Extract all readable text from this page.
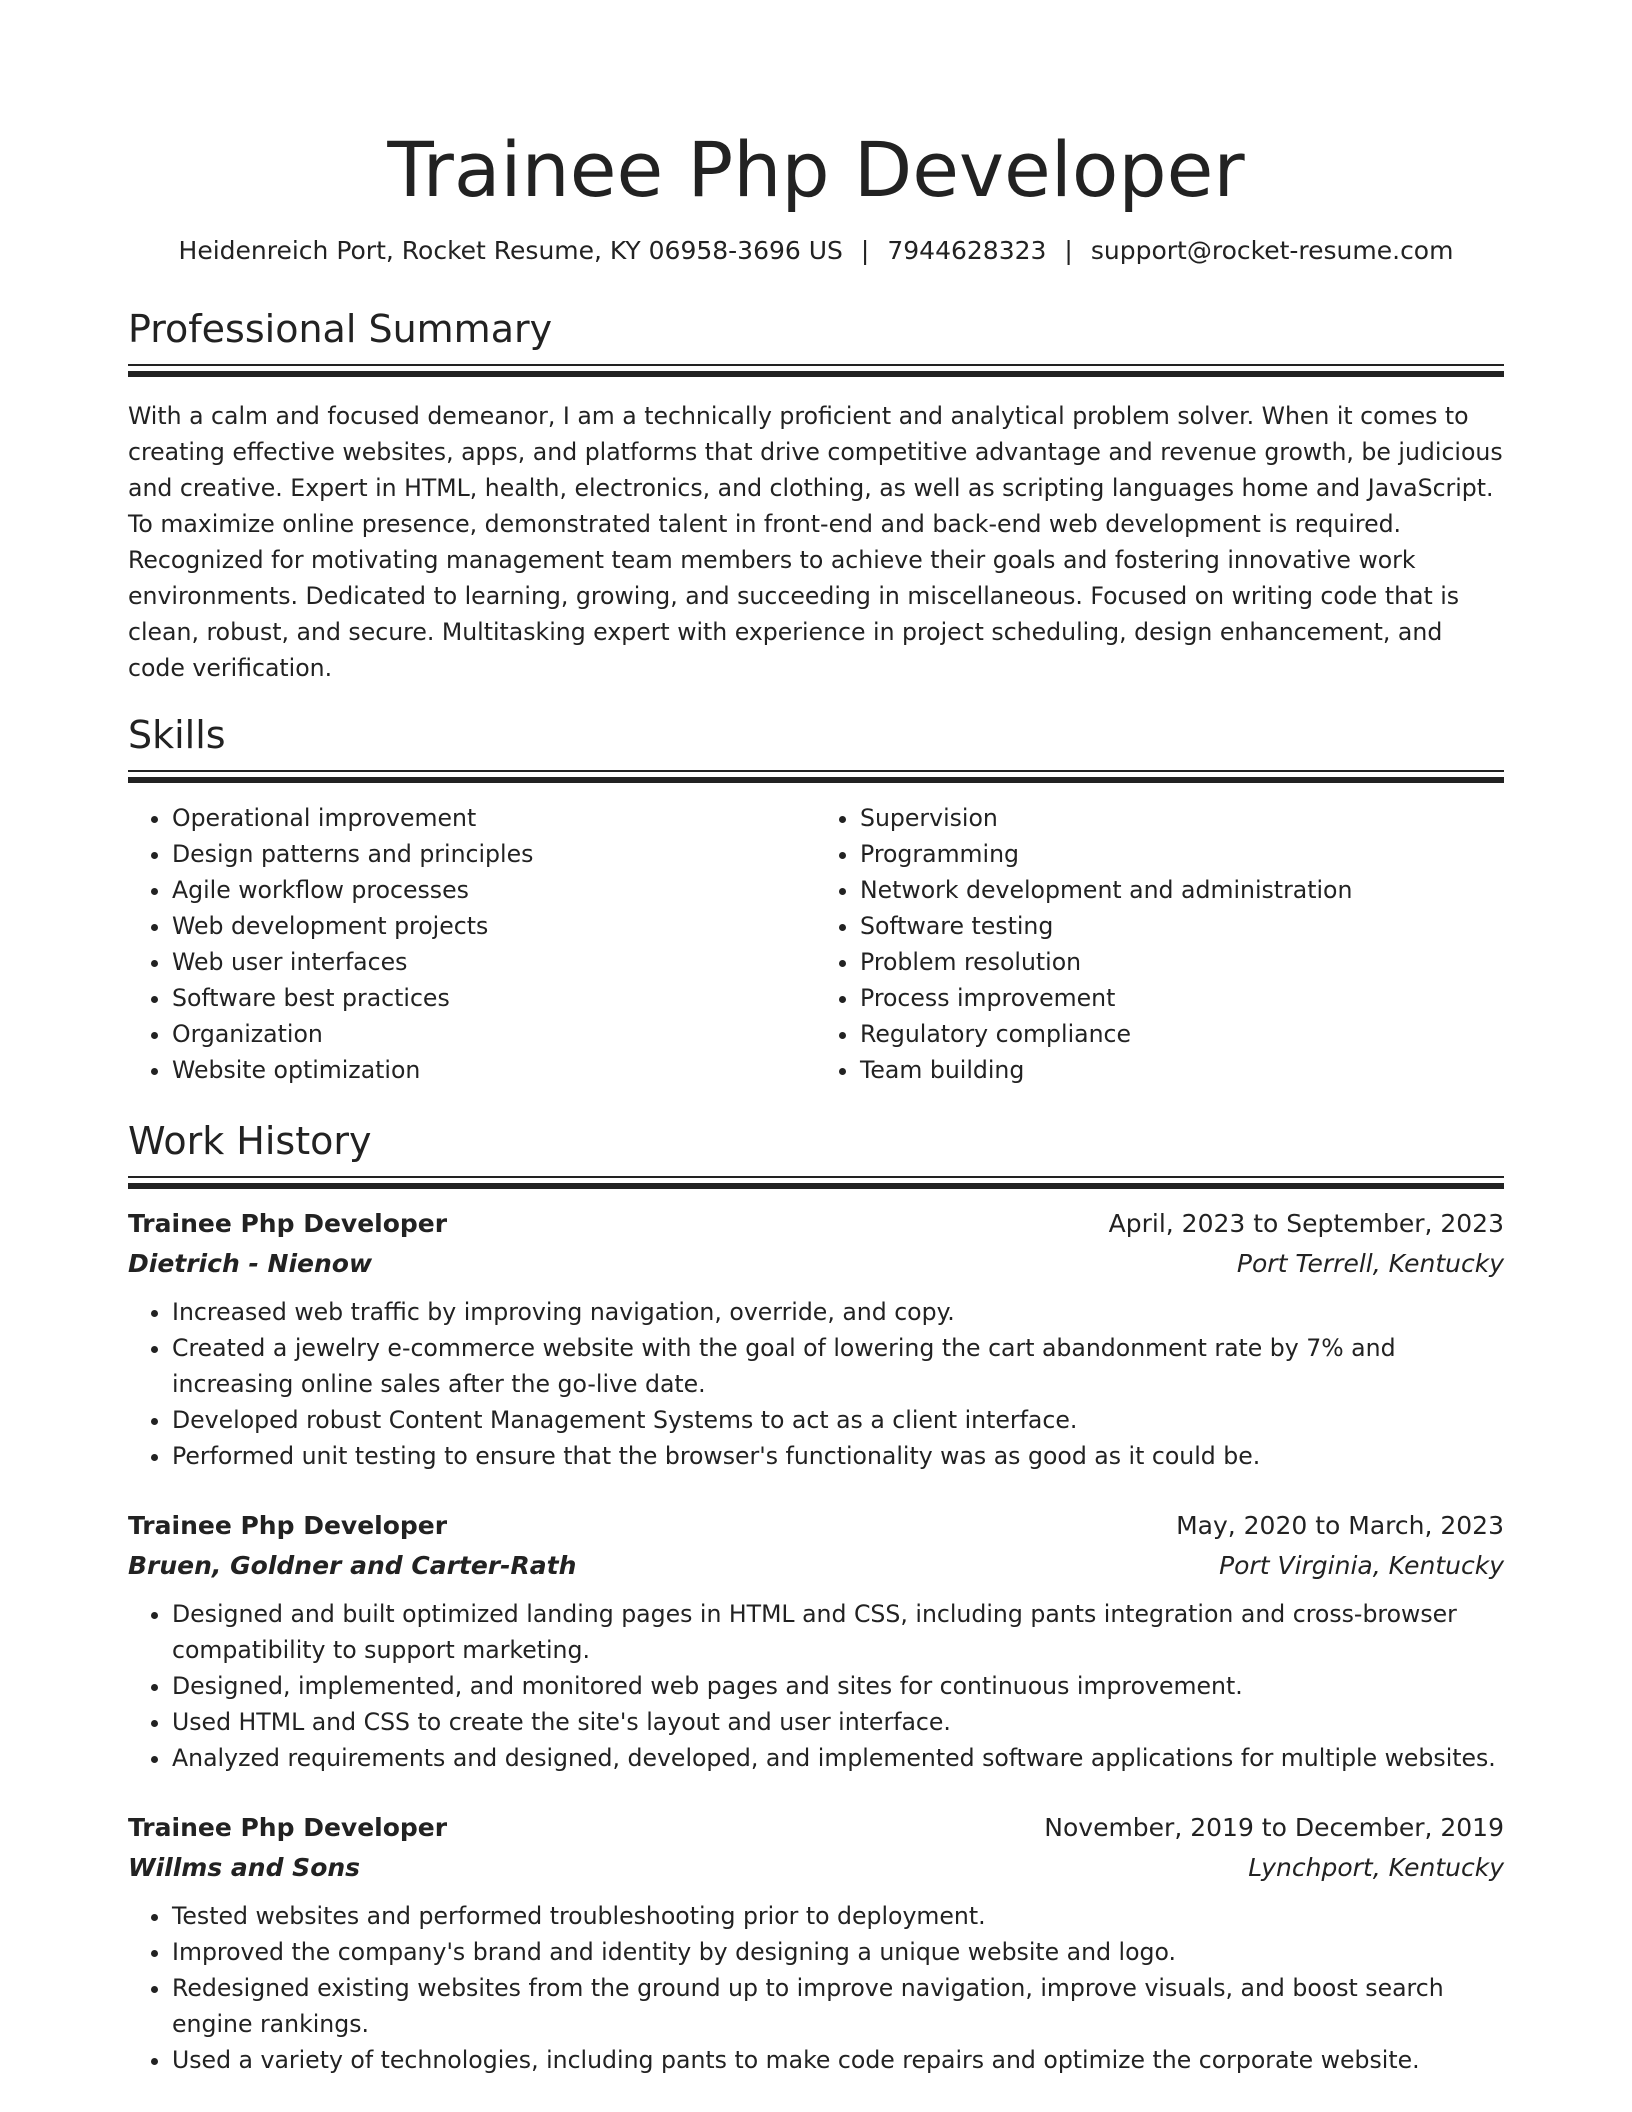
Trainee Php Developer
Heidenreich Port, Rocket Resume, KY 06958-3696 US | 7944628323 | support@rocket-resume.com
Professional Summary

With a calm and focused demeanor, I am a technically proficient and analytical problem solver. When it comes to creating effective websites, apps, and platforms that drive competitive advantage and revenue growth, be judicious and creative. Expert in HTML, health, electronics, and clothing, as well as scripting languages home and JavaScript. To maximize online presence, demonstrated talent in front-end and back-end web development is required. Recognized for motivating management team members to achieve their goals and fostering innovative work environments. Dedicated to learning, growing, and succeeding in miscellaneous. Focused on writing code that is clean, robust, and secure. Multitasking expert with experience in project scheduling, design enhancement, and code verification.

Skills
• Operational improvement
• Design patterns and principles
• Agile workflow processes
• Web development projects
• Web user interfaces
• Software best practices
• Organization
• Website optimization
• Supervision
• Programming
• Network development and administration
• Software testing
• Problem resolution
• Process improvement
• Regulatory compliance
• Team building
Work History
Trainee Php Developer	April, 2023 to September, 2023
Dietrich - Nienow	Port Terrell, Kentucky
• Increased web traffic by improving navigation, override, and copy.
• Created a jewelry e-commerce website with the goal of lowering the cart abandonment rate by 7% and increasing online sales after the go-live date.
• Developed robust Content Management Systems to act as a client interface.
• Performed unit testing to ensure that the browser's functionality was as good as it could be.
Trainee Php Developer	May, 2020 to March, 2023
Bruen, Goldner and Carter-Rath	Port Virginia, Kentucky
• Designed and built optimized landing pages in HTML and CSS, including pants integration and cross-browser compatibility to support marketing.
• Designed, implemented, and monitored web pages and sites for continuous improvement.
• Used HTML and CSS to create the site's layout and user interface.
• Analyzed requirements and designed, developed, and implemented software applications for multiple websites.
Trainee Php Developer	November, 2019 to December, 2019
Willms and Sons	Lynchport, Kentucky
• Tested websites and performed troubleshooting prior to deployment.
• Improved the company's brand and identity by designing a unique website and logo.
• Redesigned existing websites from the ground up to improve navigation, improve visuals, and boost search engine rankings.
• Used a variety of technologies, including pants to make code repairs and optimize the corporate website.
